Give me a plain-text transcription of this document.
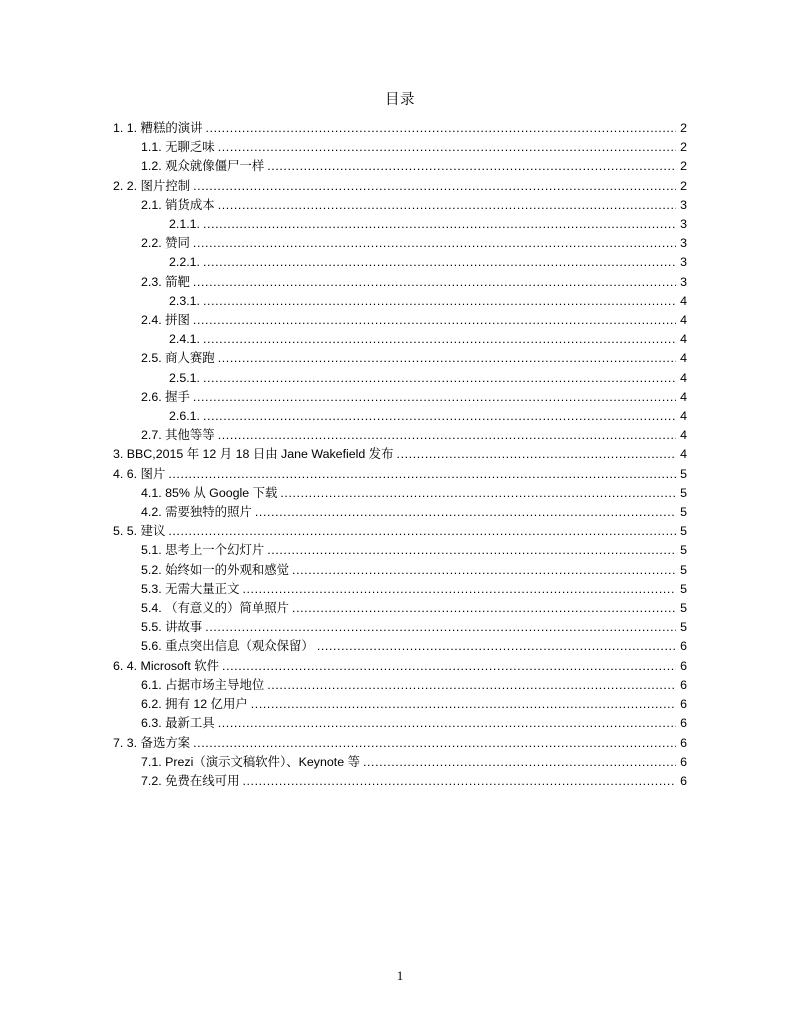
目录
1. 1. 糟糕的演讲 .....	2
1.1. 无聊乏味 .....	2
1.2. 观众就像僵尸一样 .....	2
2. 2. 图片控制 .....	2
2.1. 销货成本 .....	3
2.1.1. .....	3
2.2. 赞同 .....	3
2.2.1. .....	3
2.3. 箭靶 .....	3
2.3.1. .....	4
2.4. 拼图 .....	4
2.4.1. .....	4
2.5. 商人赛跑 .....	4
2.5.1. .....	4
2.6. 握手 .....	4
2.6.1. .....	4
2.7. 其他等等 .....	4
3. BBC,2015 年 12 月 18 日由 Jane Wakefield 发布 .....	4
4. 6. 图片 .....	5
4.1. 85% 从 Google 下载 .....	5
4.2. 需要独特的照片 .....	5
5. 5. 建议 .....	5
5.1. 思考上一个幻灯片 .....	5
5.2. 始终如一的外观和感觉 .....	5
5.3. 无需大量正文 .....	5
5.4. （有意义的）简单照片 .....	5
5.5. 讲故事 .....	5
5.6. 重点突出信息（观众保留） .....	6
6. 4. Microsoft 软件 .....	6
6.1. 占据市场主导地位 .....	6
6.2. 拥有 12 亿用户 .....	6
6.3. 最新工具 .....	6
7. 3. 备选方案 .....	6
7.1. Prezi（演示文稿软件）、Keynote 等 .....	6
7.2. 免费在线可用 .....	6
1
